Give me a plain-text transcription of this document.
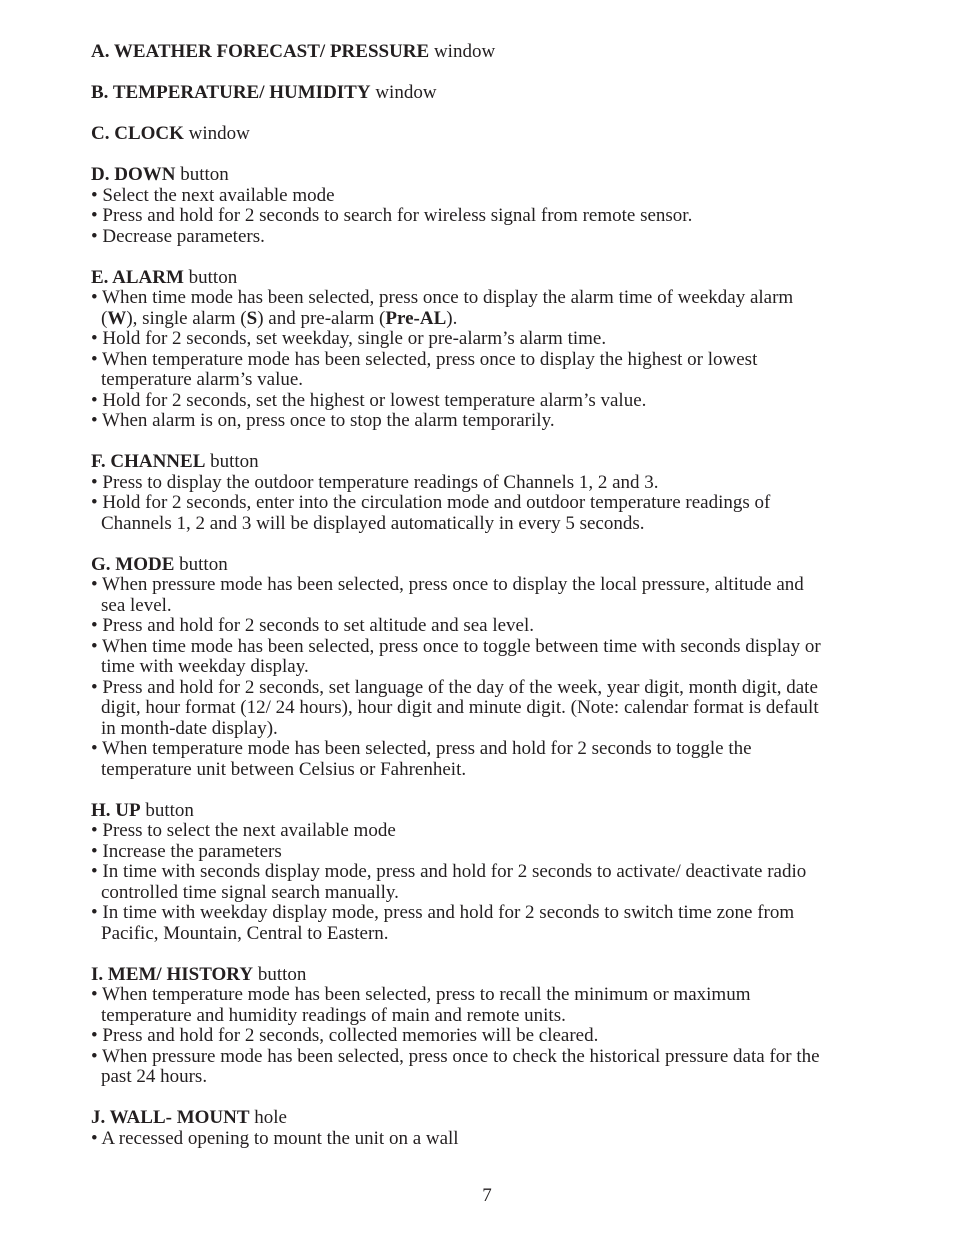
A. WEATHER FORECAST/ PRESSURE window
B. TEMPERATURE/ HUMIDITY window
C. CLOCK window
D. DOWN button
• Select the next available mode
• Press and hold for 2 seconds to search for wireless signal from remote sensor.
• Decrease parameters.
E. ALARM button
• When time mode has been selected, press once to display the alarm time of weekday alarm
(W), single alarm (S) and pre-alarm (Pre-AL).
• Hold for 2 seconds, set weekday, single or pre-alarm’s alarm time.
• When temperature mode has been selected, press once to display the highest or lowest
temperature alarm’s value.
• Hold for 2 seconds, set the highest or lowest temperature alarm’s value.
• When alarm is on, press once to stop the alarm temporarily.
F. CHANNEL button
• Press to display the outdoor temperature readings of Channels 1, 2 and 3.
• Hold for 2 seconds, enter into the circulation mode and outdoor temperature readings of
Channels 1, 2 and 3 will be displayed automatically in every 5 seconds.
G. MODE button
• When pressure mode has been selected, press once to display the local pressure, altitude and
sea level.
• Press and hold for 2 seconds to set altitude and sea level.
• When time mode has been selected, press once to toggle between time with seconds display or
time with weekday display.
• Press and hold for 2 seconds, set language of the day of the week, year digit, month digit, date
digit, hour format (12/ 24 hours), hour digit and minute digit. (Note: calendar format is default
in month-date display).
• When temperature mode has been selected, press and hold for 2 seconds to toggle the
temperature unit between Celsius or Fahrenheit.
H. UP button
• Press to select the next available mode
• Increase the parameters
• In time with seconds display mode, press and hold for 2 seconds to activate/ deactivate radio
controlled time signal search manually.
• In time with weekday display mode, press and hold for 2 seconds to switch time zone from
Pacific, Mountain, Central to Eastern.
I. MEM/ HISTORY button
• When temperature mode has been selected, press to recall the minimum or maximum
temperature and humidity readings of main and remote units.
• Press and hold for 2 seconds, collected memories will be cleared.
• When pressure mode has been selected, press once to check the historical pressure data for the
past 24 hours.
J. WALL- MOUNT hole
• A recessed opening to mount the unit on a wall
7
